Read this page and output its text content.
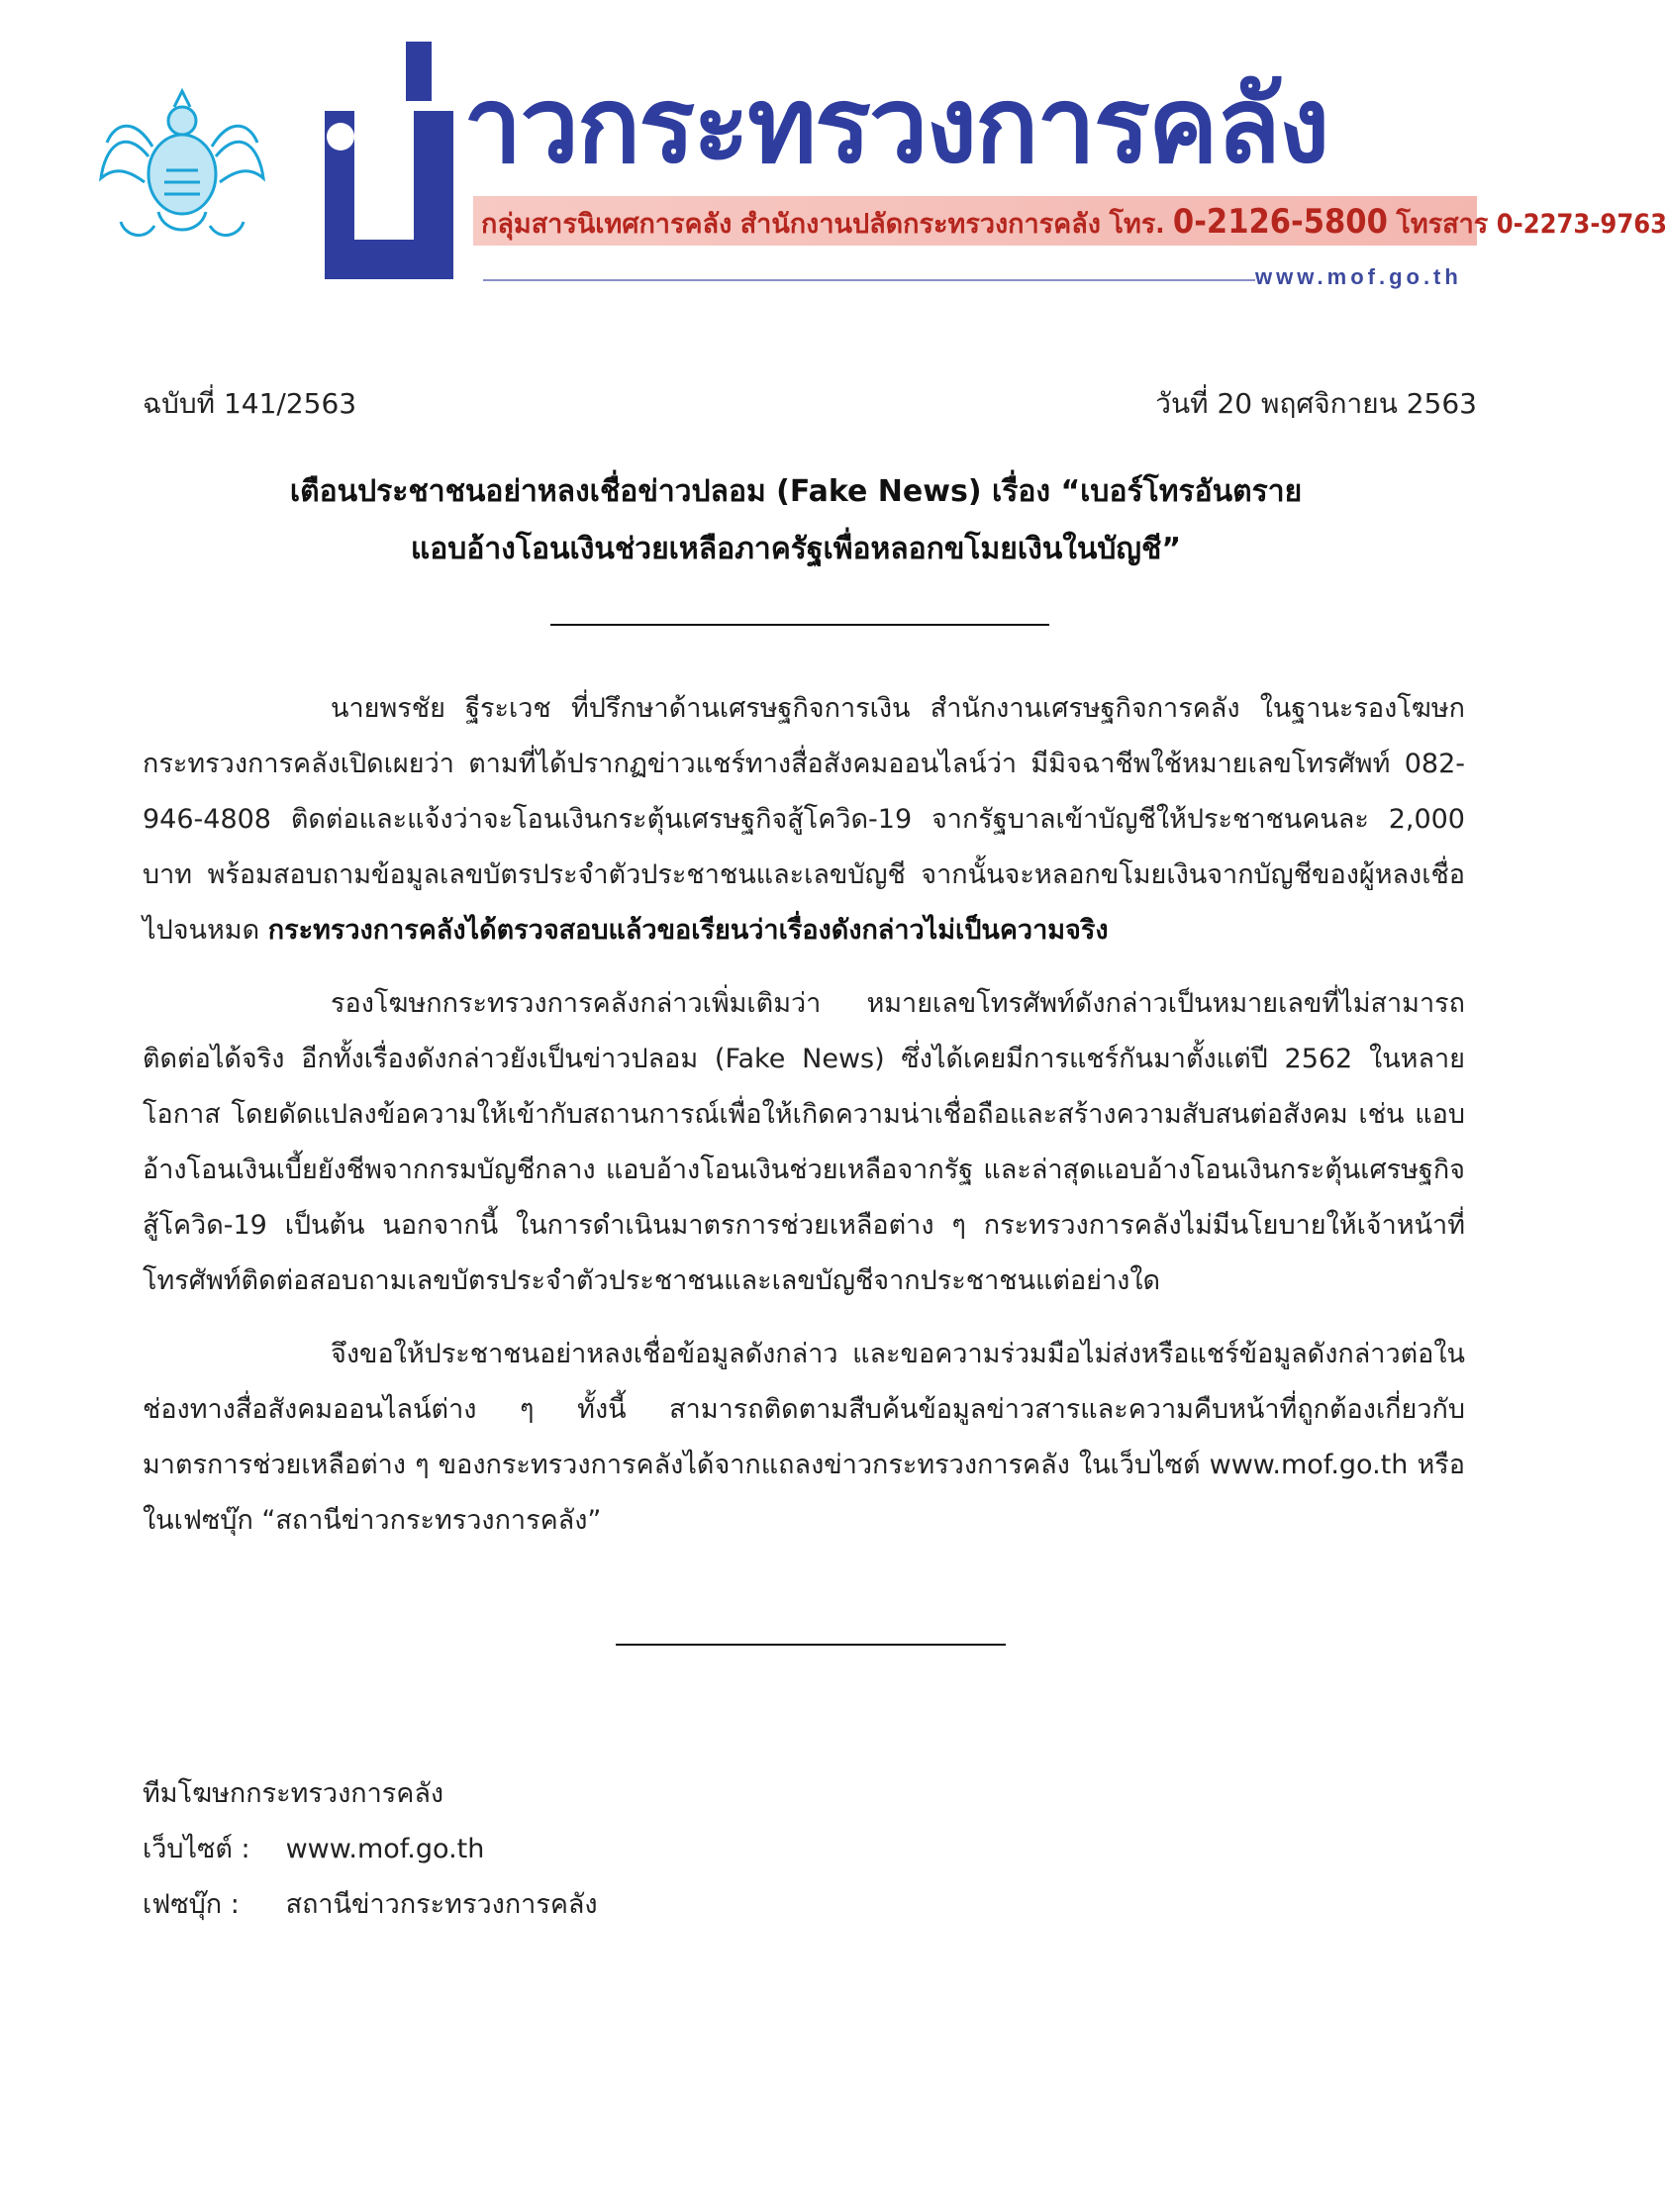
าวกระทรวงการคลัง
กลุ่มสารนิเทศการคลัง สำนักงานปลัดกระทรวงการคลัง โทร. 0-2126-5800 โทรสาร 0-2273-9763
www.mof.go.th
ฉบับที่ 141/2563	วันที่ 20 พฤศจิกายน 2563
เตือนประชาชนอย่าหลงเชื่อข่าวปลอม (Fake News) เรื่อง “เบอร์โทรอันตราย
แอบอ้างโอนเงินช่วยเหลือภาครัฐเพื่อหลอกขโมยเงินในบัญชี”

นายพรชัย ฐีระเวช ที่ปรึกษาด้านเศรษฐกิจการเงิน สำนักงานเศรษฐกิจการคลัง ในฐานะรองโฆษกกระทรวงการคลังเปิดเผยว่า ตามที่ได้ปรากฏข่าวแชร์ทางสื่อสังคมออนไลน์ว่า มีมิจฉาชีพใช้หมายเลขโทรศัพท์ 082-946-4808 ติดต่อและแจ้งว่าจะโอนเงินกระตุ้นเศรษฐกิจสู้โควิด-19 จากรัฐบาลเข้าบัญชีให้ประชาชนคนละ 2,000 บาท พร้อมสอบถามข้อมูลเลขบัตรประจำตัวประชาชนและเลขบัญชี จากนั้นจะหลอกขโมยเงินจากบัญชีของผู้หลงเชื่อไปจนหมด กระทรวงการคลังได้ตรวจสอบแล้วขอเรียนว่าเรื่องดังกล่าวไม่เป็นความจริง

รองโฆษกกระทรวงการคลังกล่าวเพิ่มเติมว่า หมายเลขโทรศัพท์ดังกล่าวเป็นหมายเลขที่ไม่สามารถติดต่อได้จริง อีกทั้งเรื่องดังกล่าวยังเป็นข่าวปลอม (Fake News) ซึ่งได้เคยมีการแชร์กันมาตั้งแต่ปี 2562 ในหลายโอกาส โดยดัดแปลงข้อความให้เข้ากับสถานการณ์เพื่อให้เกิดความน่าเชื่อถือและสร้างความสับสนต่อสังคม เช่น แอบอ้างโอนเงินเบี้ยยังชีพจากกรมบัญชีกลาง แอบอ้างโอนเงินช่วยเหลือจากรัฐ และล่าสุดแอบอ้างโอนเงินกระตุ้นเศรษฐกิจสู้โควิด-19 เป็นต้น นอกจากนี้ ในการดำเนินมาตรการช่วยเหลือต่าง ๆ กระทรวงการคลังไม่มีนโยบายให้เจ้าหน้าที่โทรศัพท์ติดต่อสอบถามเลขบัตรประจำตัวประชาชนและเลขบัญชีจากประชาชนแต่อย่างใด

จึงขอให้ประชาชนอย่าหลงเชื่อข้อมูลดังกล่าว และขอความร่วมมือไม่ส่งหรือแชร์ข้อมูลดังกล่าวต่อในช่องทางสื่อสังคมออนไลน์ต่าง ๆ ทั้งนี้ สามารถติดตามสืบค้นข้อมูลข่าวสารและความคืบหน้าที่ถูกต้องเกี่ยวกับมาตรการช่วยเหลือต่าง ๆ ของกระทรวงการคลังได้จากแถลงข่าวกระทรวงการคลัง ในเว็บไซต์ www.mof.go.th หรือในเฟซบุ๊ก “สถานีข่าวกระทรวงการคลัง”

ทีมโฆษกกระทรวงการคลัง
เว็บไซต์ : www.mof.go.th
เฟซบุ๊ก : สถานีข่าวกระทรวงการคลัง
